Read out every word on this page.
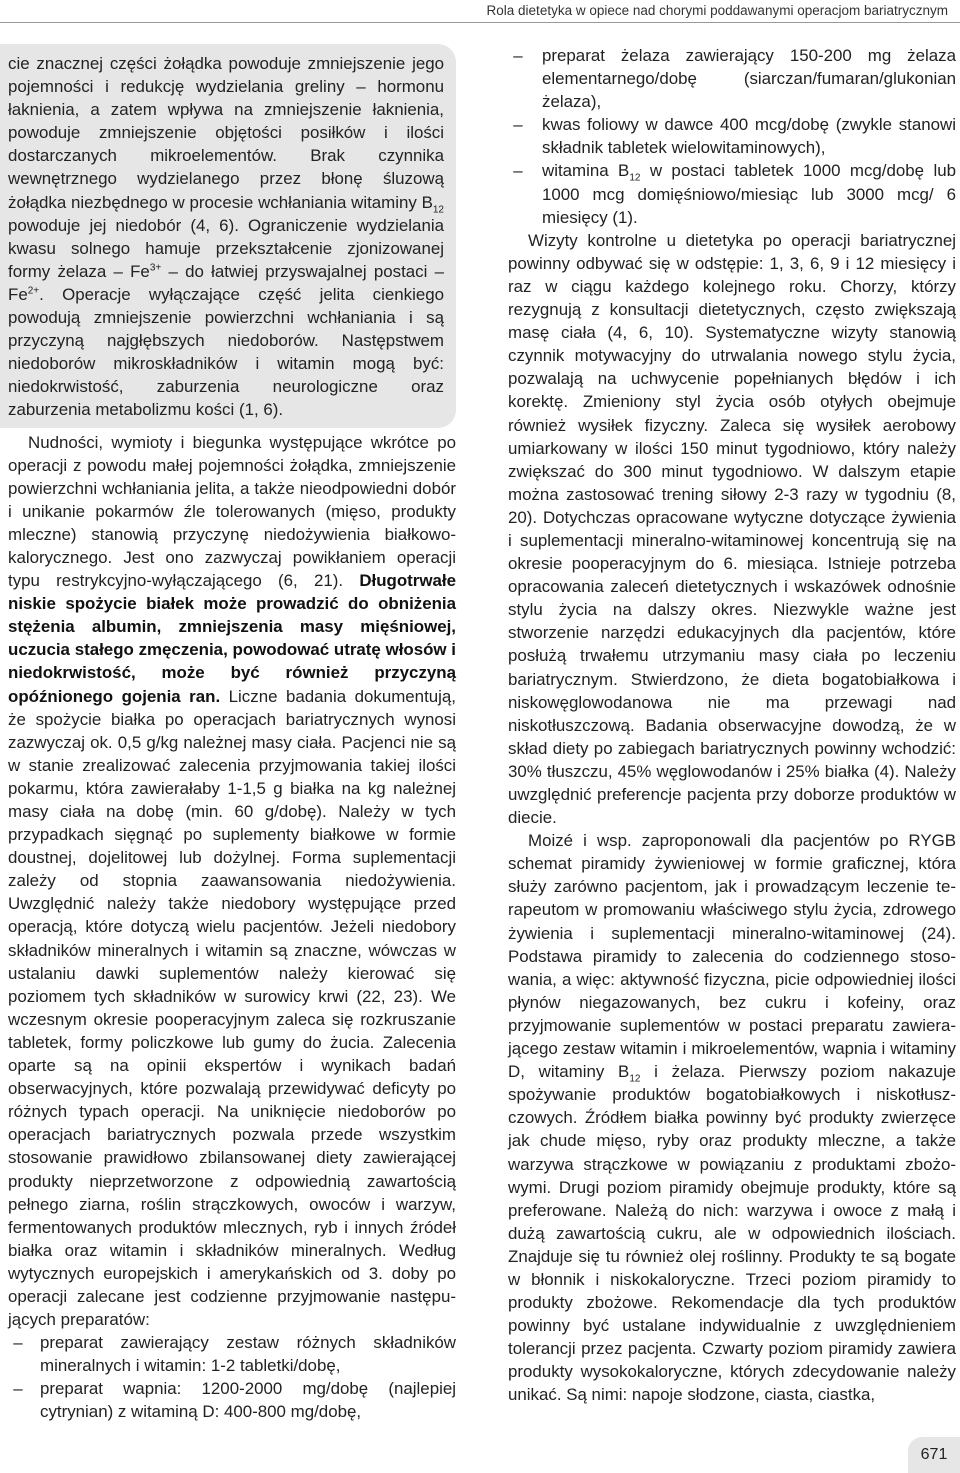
Rola dietetyka w opiece nad chorymi poddawanymi operacjom bariatrycznym

cie znacznej części żołądka powoduje zmniejszenie jego pojemności i redukcję wydzielania greliny – hormonu łaknienia, a zatem wpływa na zmniejszenie łaknienia, powoduje zmniejszenie objętości posiłków i ilości dostarczanych mikroelementów. Brak czynnika wewnętrznego wydzielanego przez błonę śluzową żołądka niezbędnego w procesie wchłaniania witaminy $B_{12}$ powoduje jej niedobór (4, 6). Ograniczenie wydzielania kwasu solnego hamuje przekształcenie zjonizowanej formy żelaza – $Fe^{3+}$ – do łatwiej przyswajalnej postaci – $Fe^{2+}$. Operacje wyłączające część jelita cienkiego powodują zmniejszenie powierzchni wchłaniania i są przyczyną najgłębszych niedoborów. Następstwem niedoborów mikroskładników i witamin mogą być: niedokrwistość, zaburzenia neurologiczne oraz zaburzenia metabolizmu kości (1, 6).

Nudności, wymioty i biegunka występujące wkrótce po operacji z powodu małej pojemności żołądka, zmniejszenie powierzchni wchłaniania jelita, a także nieodpowiedni dobór i unikanie pokarmów źle tolerowanych (mięso, produkty mleczne) stanowią przyczynę niedożywienia białkowo-kalorycznego. Jest ono zazwyczaj powikłaniem operacji typu restrykcyjno-wyłączającego (6, 21). Długotrwałe niskie spożycie białek może prowadzić do obniżenia stężenia albumin, zmniejszenia masy mięśniowej, uczucia stałego zmęczenia, powodować utratę włosów i niedokrwistość, może być również przyczyną opóźnionego gojenia ran. Liczne badania dokumentują, że spożycie białka po operacjach bariatrycznych wynosi zazwyczaj ok. 0,5 g/kg należnej masy ciała. Pacjenci nie są w stanie zrealizować zalecenia przyjmowania takiej ilości pokarmu, która zawierałaby 1-1,5 g białka na kg należnej masy ciała na dobę (min. 60 g/dobę). Należy w tych przypadkach sięgnąć po suplementy białkowe w formie doustnej, dojelitowej lub dożylnej. Forma suplementacji zależy od stopnia zaawansowania niedożywienia. Uwzględnić należy także niedobory występujące przed operacją, które dotyczą wielu pacjentów. Jeżeli niedobory składników mineralnych i witamin są znaczne, wówczas w ustalaniu dawki suplementów należy kierować się poziomem tych składników w surowicy krwi (22, 23). We wczesnym okresie pooperacyjnym zaleca się rozkruszanie tabletek, formy policzkowe lub gumy do żucia. Zalecenia oparte są na opinii ekspertów i wynikach badań obserwacyjnych, które pozwalają przewidywać deficyty po różnych typach operacji. Na uniknięcie niedoborów po operacjach bariatrycznych pozwala przede wszystkim stosowanie prawidłowo zbilansowanej diety zawierającej produkty nieprzetworzone z odpowiednią zawartością pełnego ziarna, roślin strączkowych, owoców i warzyw, fermentowanych produktów mlecznych, ryb i innych źródeł białka oraz witamin i składników mineralnych. Według wytycznych europejskich i amerykańskich od 3. doby po operacji zalecane jest codzienne przyjmowanie następujących preparatów:

– preparat zawierający zestaw różnych składników mineralnych i witamin: 1-2 tabletki/dobę,
– preparat wapnia: 1200-2000 mg/dobę (najlepiej cytrynian) z witaminą D: 400-800 mg/dobę,
– preparat żelaza zawierający 150-200 mg żelaza elementarnego/dobę (siarczan/fumaran/glukonian żelaza),
– kwas foliowy w dawce 400 mcg/dobę (zwykle stanowi składnik tabletek wielowitaminowych),
– witamina $B_{12}$ w postaci tabletek 1000 mcg/dobę lub 1000 mcg domięśniowo/miesiąc lub 3000 mcg/ 6 miesięcy (1).

Wizyty kontrolne u dietetyka po operacji bariatrycznej powinny odbywać się w odstępie: 1, 3, 6, 9 i 12 miesięcy i raz w ciągu każdego kolejnego roku. Chorzy, którzy rezygnują z konsultacji dietetycznych, często zwiększają masę ciała (4, 6, 10). Systematyczne wizyty stanowią czynnik motywacyjny do utrwalania nowego stylu życia, pozwalają na uchwycenie popełnianych błędów i ich korektę. Zmieniony styl życia osób otyłych obejmuje również wysiłek fizyczny. Zaleca się wysiłek aerobowy umiarkowany w ilości 150 minut tygodniowo, który należy zwiększać do 300 minut tygodniowo. W dalszym etapie można zastosować trening siłowy 2-3 razy w tygodniu (8, 20). Dotychczas opracowane wytyczne dotyczące żywienia i suplementacji mineralno-witaminowej koncentrują się na okresie pooperacyjnym do 6. miesiąca. Istnieje potrzeba opracowania zaleceń dietetycznych i wskazówek odnośnie stylu życia na dalszy okres. Niezwykle ważne jest stworzenie narzędzi edukacyjnych dla pacjentów, które posłużą trwałemu utrzymaniu masy ciała po leczeniu bariatrycznym. Stwierdzono, że dieta bogatobiałkowa i niskowęglowodanowa nie ma przewagi nad niskotłuszczową. Badania obserwacyjne dowodzą, że w skład diety po zabiegach bariatrycznych powinny wchodzić: 30% tłuszczu, 45% węglowodanów i 25% białka (4). Należy uwzględnić preferencje pacjenta przy doborze produktów w diecie.

Moizé i wsp. zaproponowali dla pacjentów po RYGB schemat piramidy żywieniowej w formie graficznej, która służy zarówno pacjentom, jak i prowadzącym leczenie terapeutom w promowaniu właściwego stylu życia, zdrowego żywienia i suplementacji mineralno-witaminowej (24). Podstawa piramidy to zalecenia do codziennego stosowania, a więc: aktywność fizyczna, picie odpowiedniej ilości płynów niegazowanych, bez cukru i kofeiny, oraz przyjmowanie suplementów w postaci preparatu zawierającego zestaw witamin i mikroelementów, wapnia i witaminy D, witaminy $B_{12}$ i żelaza. Pierwszy poziom nakazuje spożywanie produktów bogatobiałkowych i niskotłuszczowych. Źródłem białka powinny być produkty zwierzęce jak chude mięso, ryby oraz produkty mleczne, a także warzywa strączkowe w powiązaniu z produktami zbożowymi. Drugi poziom piramidy obejmuje produkty, które są preferowane. Należą do nich: warzywa i owoce z małą i dużą zawartością cukru, ale w odpowiednich ilościach. Znajduje się tu również olej roślinny. Produkty te są bogate w błonnik i niskokaloryczne. Trzeci poziom piramidy to produkty zbożowe. Rekomendacje dla tych produktów powinny być ustalane indywidualnie z uwzględnieniem tolerancji przez pacjenta. Czwarty poziom piramidy zawiera produkty wysokokaloryczne, których zdecydowanie należy unikać. Są nimi: napoje słodzone, ciasta, ciastka,

671
